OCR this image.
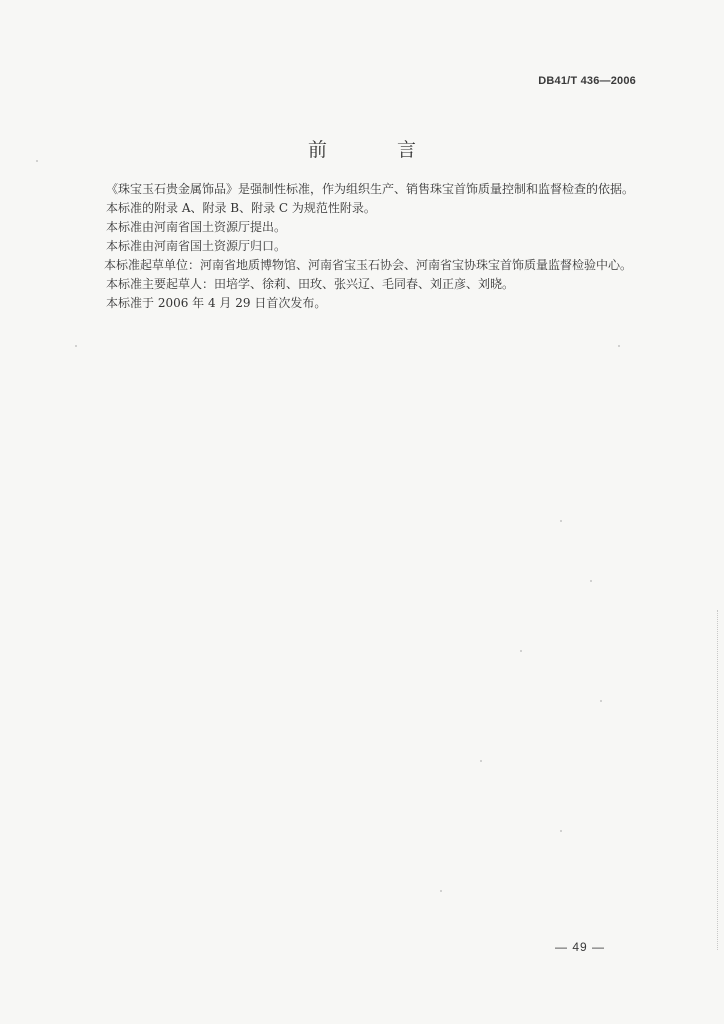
DB41/T 436—2006
前 言

《珠宝玉石贵金属饰品》是强制性标准，作为组织生产、销售珠宝首饰质量控制和监督检查的依据。

本标准的附录 A、附录 B、附录 C 为规范性附录。

本标准由河南省国土资源厅提出。

本标准由河南省国土资源厅归口。

本标准起草单位：河南省地质博物馆、河南省宝玉石协会、河南省宝协珠宝首饰质量监督检验中心。

本标准主要起草人：田培学、徐莉、田玫、张兴辽、毛同春、刘正彦、刘晓。

本标准于 2006 年 4 月 29 日首次发布。

— 49 —
